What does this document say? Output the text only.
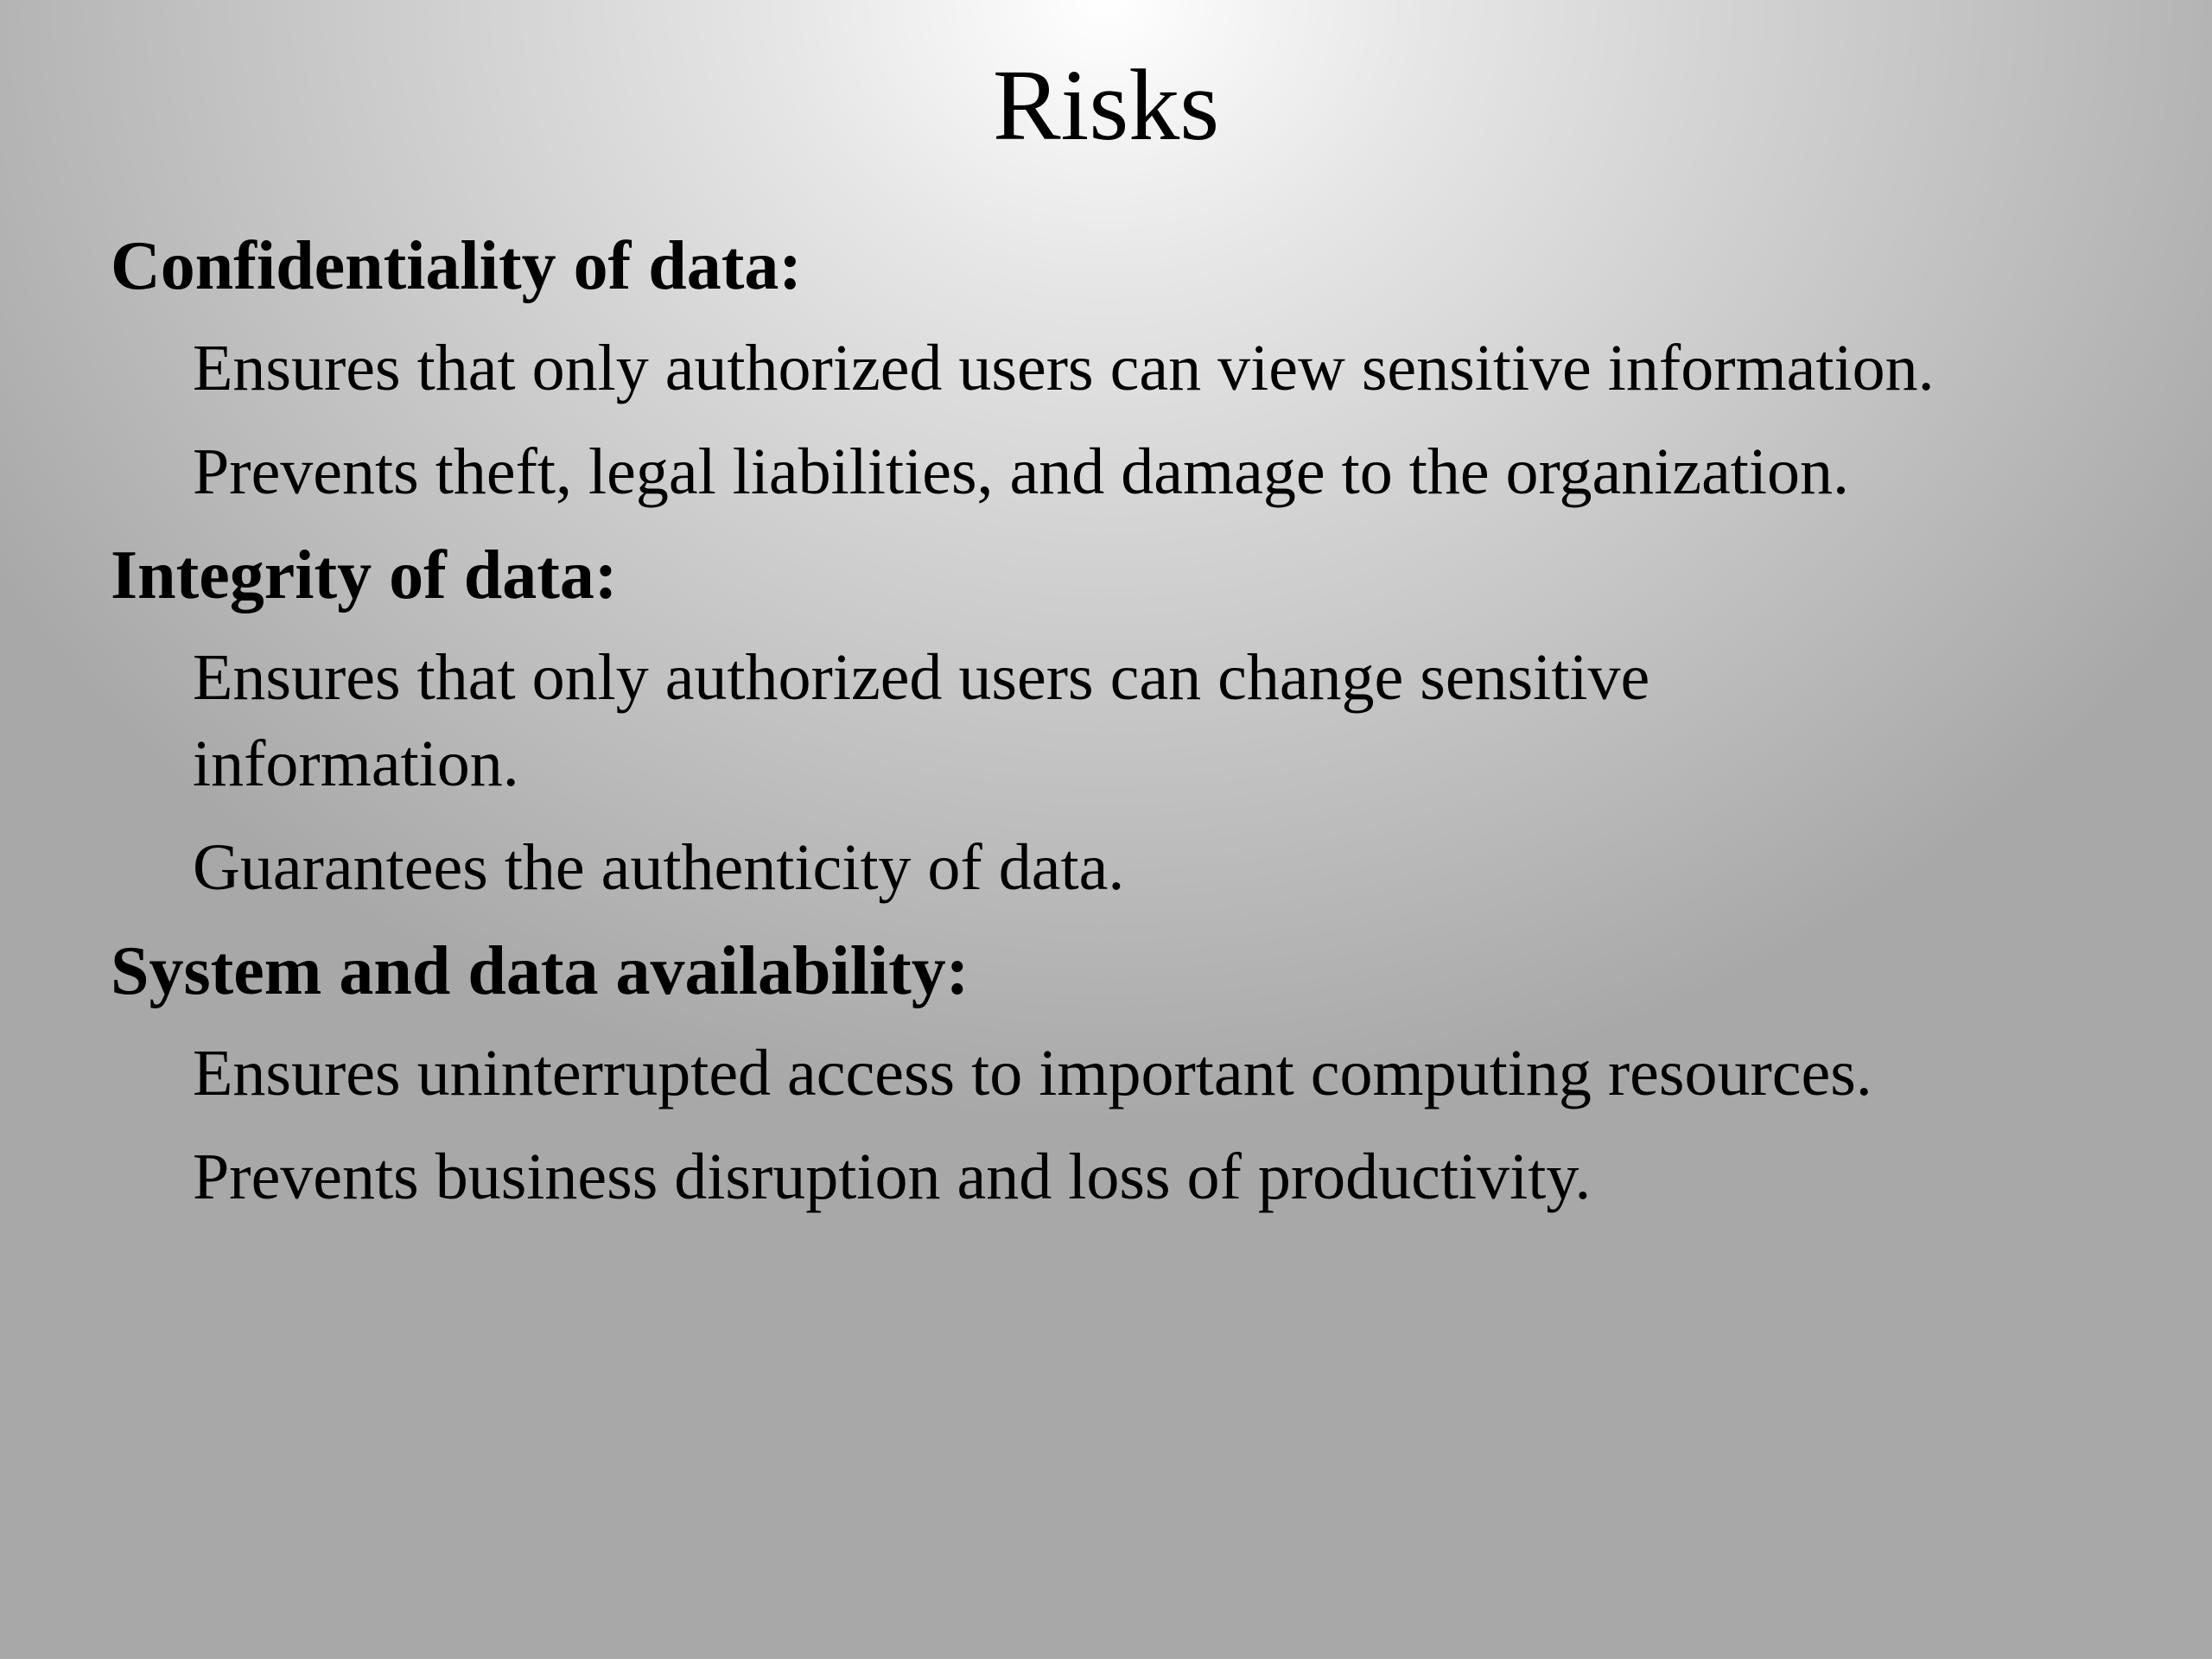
Risks
Confidentiality of data:
Ensures that only authorized users can view sensitive information.
Prevents theft, legal liabilities, and damage to the organization.
Integrity of data:
Ensures that only authorized users can change sensitive information.
Guarantees the authenticity of data.
System and data availability:
Ensures uninterrupted access to important computing resources.
Prevents business disruption and loss of productivity.
